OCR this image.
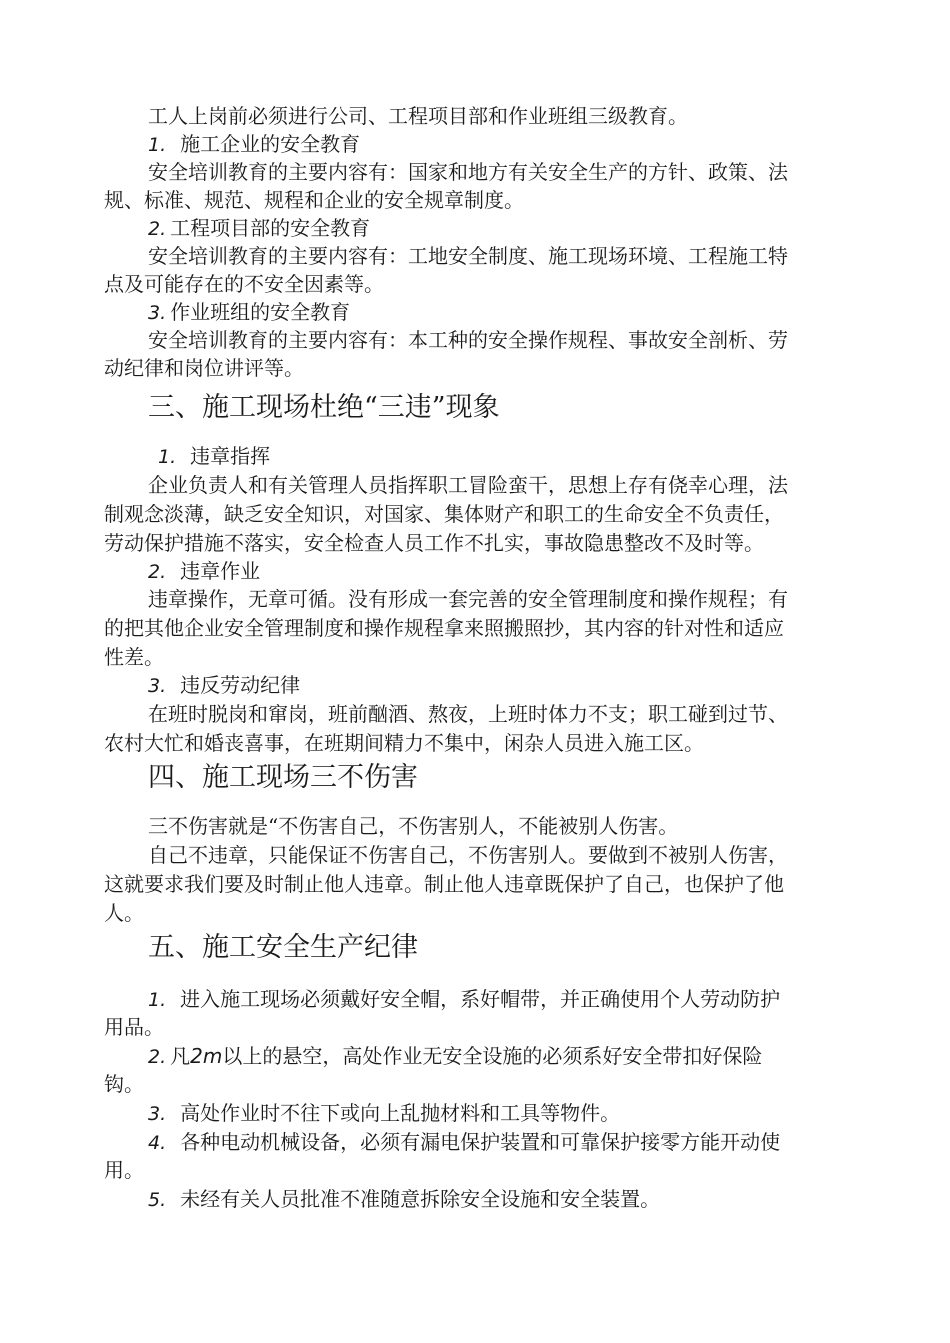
工人上岗前必须进行公司、工程项目部和作业班组三级教育。
1. 施工企业的安全教育
安全培训教育的主要内容有：国家和地方有关安全生产的方针、政策、法
规、标准、规范、规程和企业的安全规章制度。
2. 工程项目部的安全教育
安全培训教育的主要内容有：工地安全制度、施工现场环境、工程施工特
点及可能存在的不安全因素等。
3. 作业班组的安全教育
安全培训教育的主要内容有：本工种的安全操作规程、事故安全剖析、劳
动纪律和岗位讲评等。
三、施工现场杜绝“三违”现象
1. 违章指挥
企业负责人和有关管理人员指挥职工冒险蛮干，思想上存有侥幸心理，法
制观念淡薄，缺乏安全知识，对国家、集体财产和职工的生命安全不负责任，
劳动保护措施不落实，安全检查人员工作不扎实，事故隐患整改不及时等。
2. 违章作业
违章操作，无章可循。没有形成一套完善的安全管理制度和操作规程；有
的把其他企业安全管理制度和操作规程拿来照搬照抄，其内容的针对性和适应
性差。
3. 违反劳动纪律
在班时脱岗和窜岗，班前酗酒、熬夜，上班时体力不支；职工碰到过节、
农村大忙和婚丧喜事，在班期间精力不集中，闲杂人员进入施工区。
四、施工现场三不伤害
三不伤害就是“不伤害自己，不伤害别人，不能被别人伤害。
自己不违章，只能保证不伤害自己，不伤害别人。要做到不被别人伤害，
这就要求我们要及时制止他人违章。制止他人违章既保护了自己，也保护了他
人。
五、施工安全生产纪律
1. 进入施工现场必须戴好安全帽，系好帽带，并正确使用个人劳动防护
用品。
2. 凡2m以上的悬空，高处作业无安全设施的必须系好安全带扣好保险
钩。
3. 高处作业时不往下或向上乱抛材料和工具等物件。
4. 各种电动机械设备，必须有漏电保护装置和可靠保护接零方能开动使
用。
5. 未经有关人员批准不准随意拆除安全设施和安全装置。
